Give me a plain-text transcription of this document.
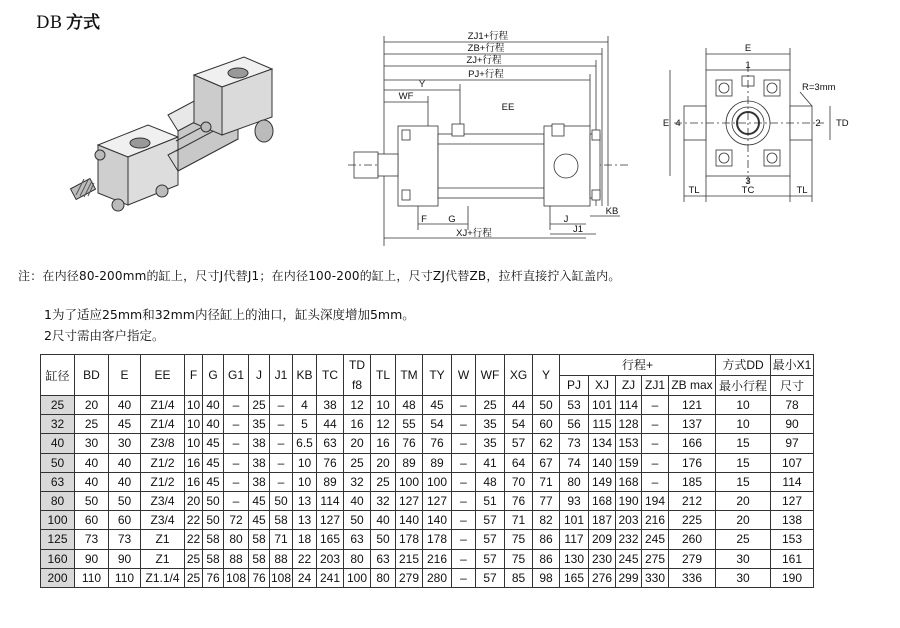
DB 方式
ZJ1+行程
ZB+行程
ZJ+行程
PJ+行程
Y
WF
EE
F G	J
KB
J1
XJ+行程
E
E
R=3mm
TD
TL	TC	TL
1
2
3
4
注：在内径80-200mm的缸上，尺寸J代替J1；在内径100-200的缸上，尺寸ZJ代替ZB，拉杆直接拧入缸盖内。
1为了适应25mm和32mm内径缸上的油口，缸头深度增加5mm。
2尺寸需由客户指定。
缸径	BD	E	EE	F	G	G1	J	J1	KB	TC	TD	TL	TM	TY	W	WF	XG	Y	行程+					方式DD	最小X1
											f8								PJ	XJ	ZJ	ZJ1	ZB max	最小行程	尺寸
25	20	40	Z1/4	10	40	–	25	–	4	38	12	10	48	45	–	25	44	50	53	101	114	–	121	10	78
32	25	45	Z1/4	10	40	–	35	–	5	44	16	12	55	54	–	35	54	60	56	115	128	–	137	10	90
40	30	30	Z3/8	10	45	–	38	–	6.5	63	20	16	76	76	–	35	57	62	73	134	153	–	166	15	97
50	40	40	Z1/2	16	45	–	38	–	10	76	25	20	89	89	–	41	64	67	74	140	159	–	176	15	107
63	40	40	Z1/2	16	45	–	38	–	10	89	32	25	100	100	–	48	70	71	80	149	168	–	185	15	114
80	50	50	Z3/4	20	50	–	45	50	13	114	40	32	127	127	–	51	76	77	93	168	190	194	212	20	127
100	60	60	Z3/4	22	50	72	45	58	13	127	50	40	140	140	–	57	71	82	101	187	203	216	225	20	138
125	73	73	Z1	22	58	80	58	71	18	165	63	50	178	178	–	57	75	86	117	209	232	245	260	25	153
160	90	90	Z1	25	58	88	58	88	22	203	80	63	215	216	–	57	75	86	130	230	245	275	279	30	161
200	110	110	Z1.1/4	25	76	108	76	108	24	241	100	80	279	280	–	57	85	98	165	276	299	330	336	30	190
